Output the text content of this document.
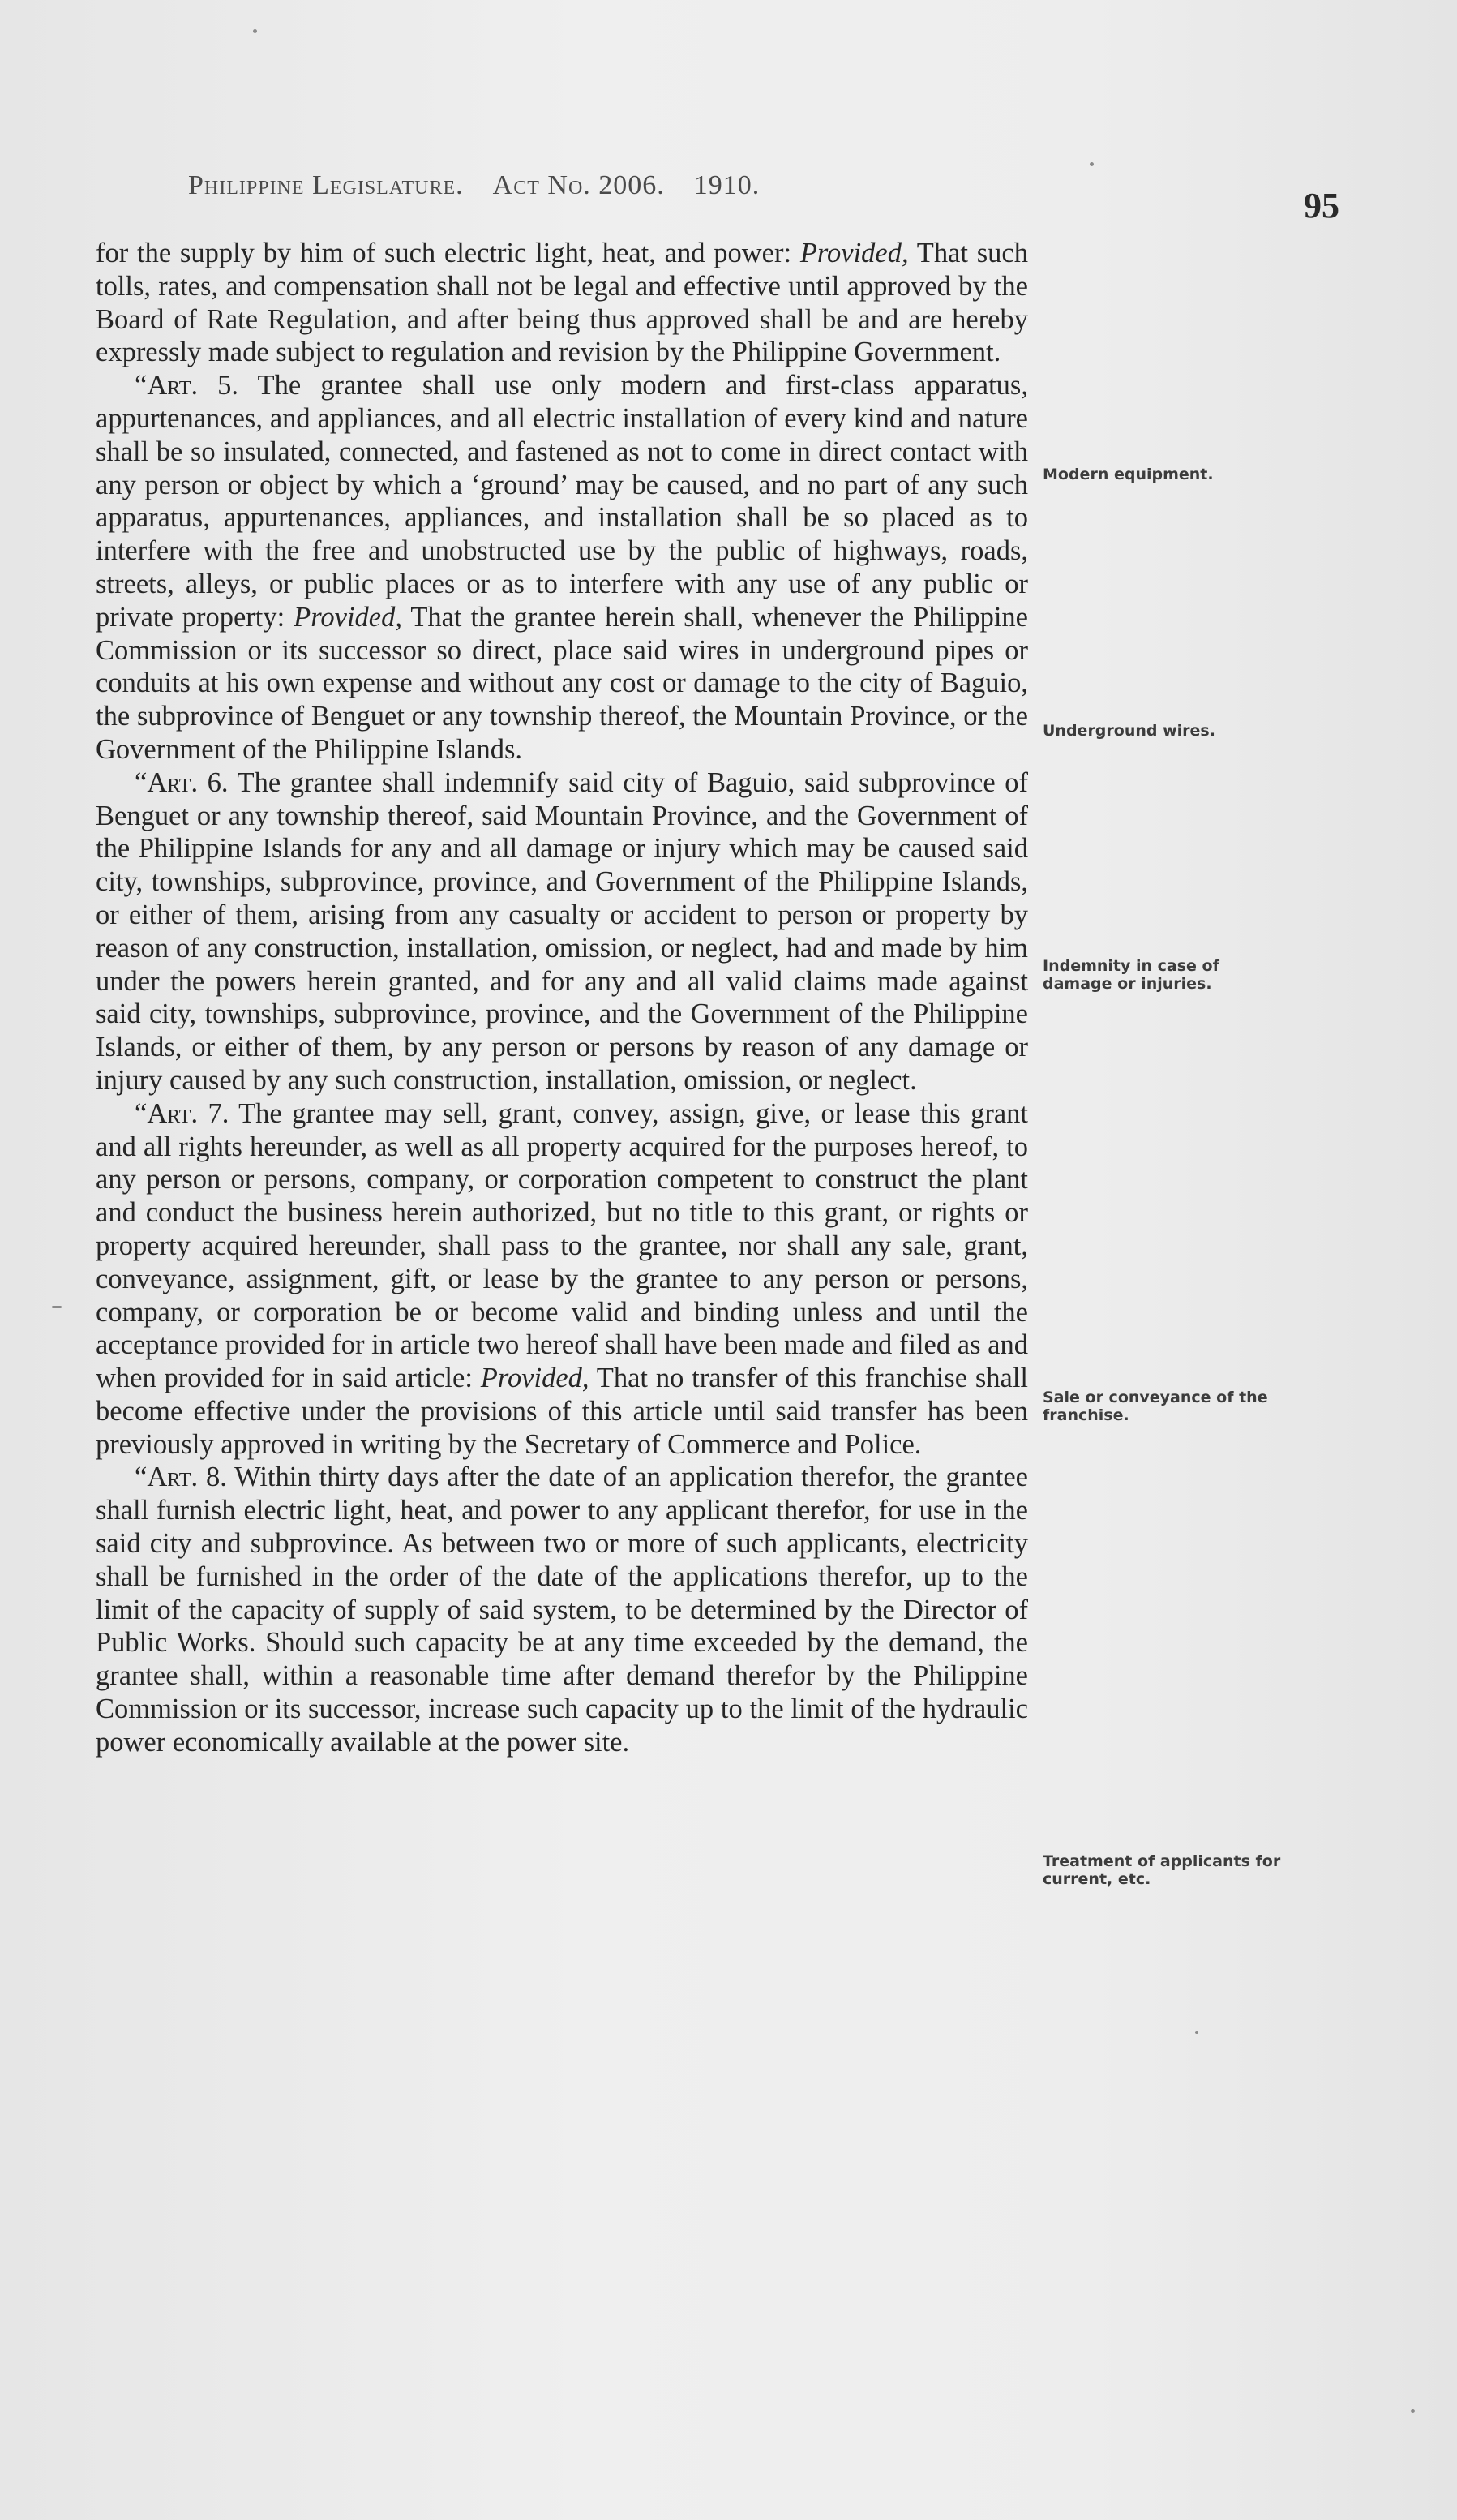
Philippine Legislature. Act No. 2006. 1910.
95

for the supply by him of such electric light, heat, and power: Provided, That such tolls, rates, and compensation shall not be legal and effective until approved by the Board of Rate Regulation, and after being thus approved shall be and are hereby expressly made subject to regulation and revision by the Philippine Government.

“Art. 5. The grantee shall use only modern and first-class apparatus, appurtenances, and appliances, and all electric installation of every kind and nature shall be so insulated, connected, and fastened as not to come in direct contact with any person or object by which a ‘ground’ may be caused, and no part of any such apparatus, appurtenances, appliances, and installation shall be so placed as to interfere with the free and unobstructed use by the public of highways, roads, streets, alleys, or public places or as to interfere with any use of any public or private property: Provided, That the grantee herein shall, whenever the Philippine Commission or its successor so direct, place said wires in underground pipes or conduits at his own expense and without any cost or damage to the city of Baguio, the subprovince of Benguet or any township thereof, the Mountain Province, or the Government of the Philippine Islands.

“Art. 6. The grantee shall indemnify said city of Baguio, said subprovince of Benguet or any township thereof, said Mountain Province, and the Government of the Philippine Islands for any and all damage or injury which may be caused said city, townships, subprovince, province, and Government of the Philippine Islands, or either of them, arising from any casualty or accident to person or property by reason of any construction, installation, omission, or neglect, had and made by him under the powers herein granted, and for any and all valid claims made against said city, townships, subprovince, province, and the Government of the Philippine Islands, or either of them, by any person or persons by reason of any damage or injury caused by any such construction, installation, omission, or neglect.

“Art. 7. The grantee may sell, grant, convey, assign, give, or lease this grant and all rights hereunder, as well as all property acquired for the purposes hereof, to any person or persons, company, or corporation competent to construct the plant and conduct the business herein authorized, but no title to this grant, or rights or property acquired hereunder, shall pass to the grantee, nor shall any sale, grant, conveyance, assignment, gift, or lease by the grantee to any person or persons, company, or corporation be or become valid and binding unless and until the acceptance provided for in article two hereof shall have been made and filed as and when provided for in said article: Provided, That no transfer of this franchise shall become effective under the provisions of this article until said transfer has been previously approved in writing by the Secretary of Commerce and Police.

“Art. 8. Within thirty days after the date of an application therefor, the grantee shall furnish electric light, heat, and power to any applicant therefor, for use in the said city and subprovince. As between two or more of such applicants, electricity shall be furnished in the order of the date of the applications therefor, up to the limit of the capacity of supply of said system, to be determined by the Director of Public Works. Should such capacity be at any time exceeded by the demand, the grantee shall, within a reasonable time after demand therefor by the Philippine Commission or its successor, increase such capacity up to the limit of the hydraulic power economically available at the power site.

Modern equipment.
Underground wires.
Indemnity in case of damage or injuries.
Sale or conveyance of the franchise.
Treatment of applicants for current, etc.
